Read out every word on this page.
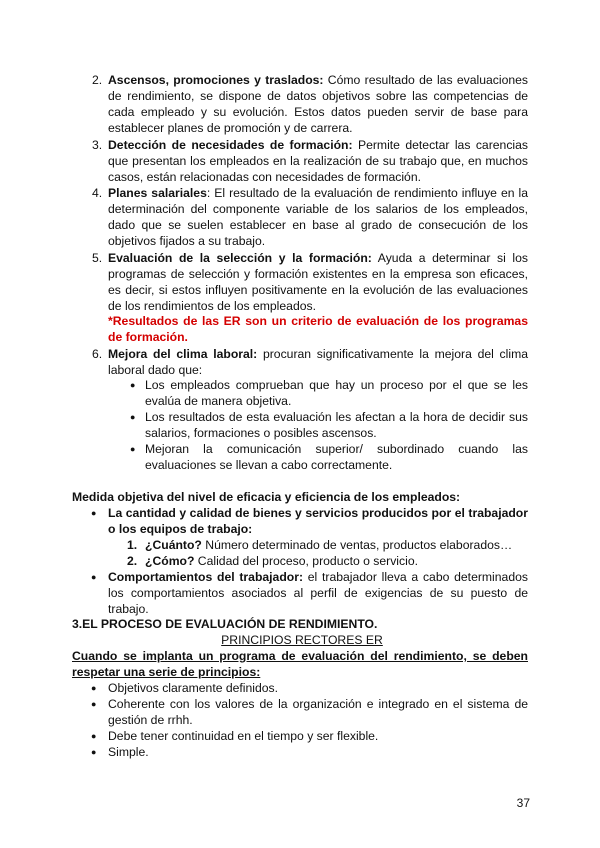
2. Ascensos, promociones y traslados: Cómo resultado de las evaluaciones de rendimiento, se dispone de datos objetivos sobre las competencias de cada empleado y su evolución. Estos datos pueden servir de base para establecer planes de promoción y de carrera.

3. Detección de necesidades de formación: Permite detectar las carencias que presentan los empleados en la realización de su trabajo que, en muchos casos, están relacionadas con necesidades de formación.

4. Planes salariales: El resultado de la evaluación de rendimiento influye en la determinación del componente variable de los salarios de los empleados, dado que se suelen establecer en base al grado de consecución de los objetivos fijados a su trabajo.

5. Evaluación de la selección y la formación: Ayuda a determinar si los programas de selección y formación existentes en la empresa son eficaces, es decir, si estos influyen positivamente en la evolución de las evaluaciones de los rendimientos de los empleados.

*Resultados de las ER son un criterio de evaluación de los programas de formación.

6. Mejora del clima laboral: procuran significativamente la mejora del clima laboral dado que:

● Los empleados comprueban que hay un proceso por el que se les evalúa de manera objetiva.

● Los resultados de esta evaluación les afectan a la hora de decidir sus salarios, formaciones o posibles ascensos.

● Mejoran la comunicación superior/ subordinado cuando las evaluaciones se llevan a cabo correctamente.

Medida objetiva del nivel de eficacia y eficiencia de los empleados:

● La cantidad y calidad de bienes y servicios producidos por el trabajador o los equipos de trabajo:

1. ¿Cuánto? Número determinado de ventas, productos elaborados…

2. ¿Cómo? Calidad del proceso, producto o servicio.

● Comportamientos del trabajador: el trabajador lleva a cabo determinados los comportamientos asociados al perfil de exigencias de su puesto de trabajo.

3.EL PROCESO DE EVALUACIÓN DE RENDIMIENTO.

PRINCIPIOS RECTORES ER

Cuando se implanta un programa de evaluación del rendimiento, se deben respetar una serie de principios:

● Objetivos claramente definidos.

● Coherente con los valores de la organización e integrado en el sistema de gestión de rrhh.

● Debe tener continuidad en el tiempo y ser flexible.

● Simple.

37
